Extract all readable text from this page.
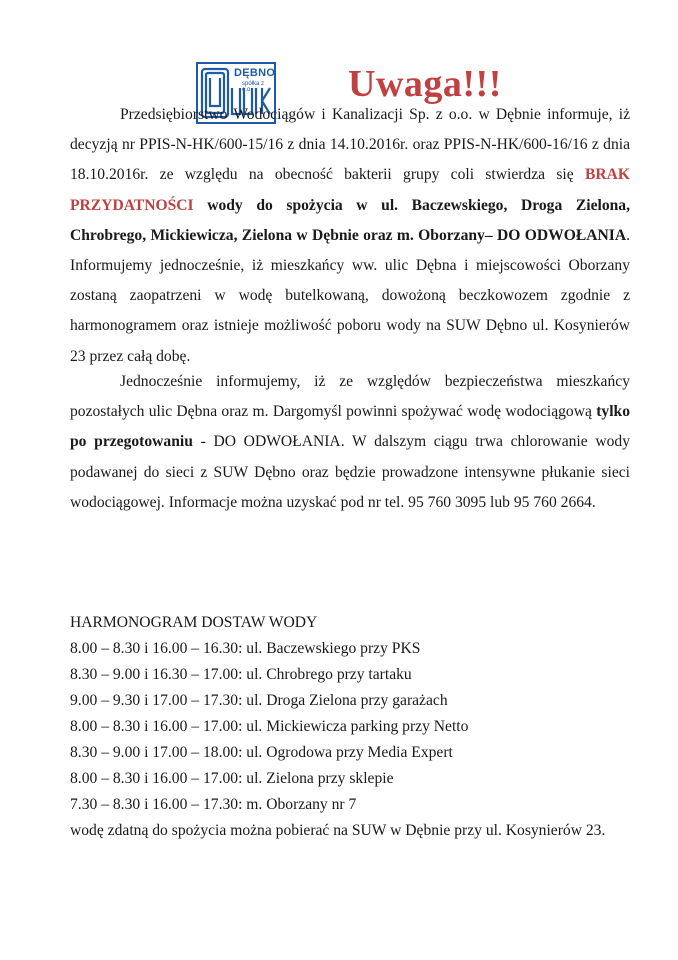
DĘBNO
spółka z o.o.	Uwaga!!!
Przedsiębiorstwo Wodociągów i Kanalizacji Sp. z o.o. w Dębnie informuje, iż decyzją nr PPIS-N-HK/600-15/16 z dnia 14.10.2016r. oraz PPIS-N-HK/600-16/16 z dnia 18.10.2016r. ze względu na obecność bakterii grupy coli stwierdza się BRAK PRZYDATNOŚCI wody do spożycia w ul. Baczewskiego, Droga Zielona, Chrobrego, Mickiewicza, Zielona w Dębnie oraz m. Oborzany– DO ODWOŁANIA. Informujemy jednocześnie, iż mieszkańcy ww. ulic Dębna i miejscowości Oborzany zostaną zaopatrzeni w wodę butelkowaną, dowożoną beczkowozem zgodnie z harmonogramem oraz istnieje możliwość poboru wody na SUW Dębno ul. Kosynierów 23 przez całą dobę.
Jednocześnie informujemy, iż ze względów bezpieczeństwa mieszkańcy pozostałych ulic Dębna oraz m. Dargomyśl powinni spożywać wodę wodociągową tylko po przegotowaniu - DO ODWOŁANIA. W dalszym ciągu trwa chlorowanie wody podawanej do sieci z SUW Dębno oraz będzie prowadzone intensywne płukanie sieci wodociągowej. Informacje można uzyskać pod nr tel. 95 760 3095 lub 95 760 2664.
HARMONOGRAM DOSTAW WODY
8.00 – 8.30 i 16.00 – 16.30: ul. Baczewskiego przy PKS
8.30 – 9.00 i 16.30 – 17.00: ul. Chrobrego przy tartaku
9.00 – 9.30 i 17.00 – 17.30: ul. Droga Zielona przy garażach
8.00 – 8.30 i 16.00 – 17.00: ul. Mickiewicza parking przy Netto
8.30 – 9.00 i 17.00 – 18.00: ul. Ogrodowa przy Media Expert
8.00 – 8.30 i 16.00 – 17.00: ul. Zielona przy sklepie
7.30 – 8.30 i 16.00 – 17.30: m. Oborzany nr 7
wodę zdatną do spożycia można pobierać na SUW w Dębnie przy ul. Kosynierów 23.
